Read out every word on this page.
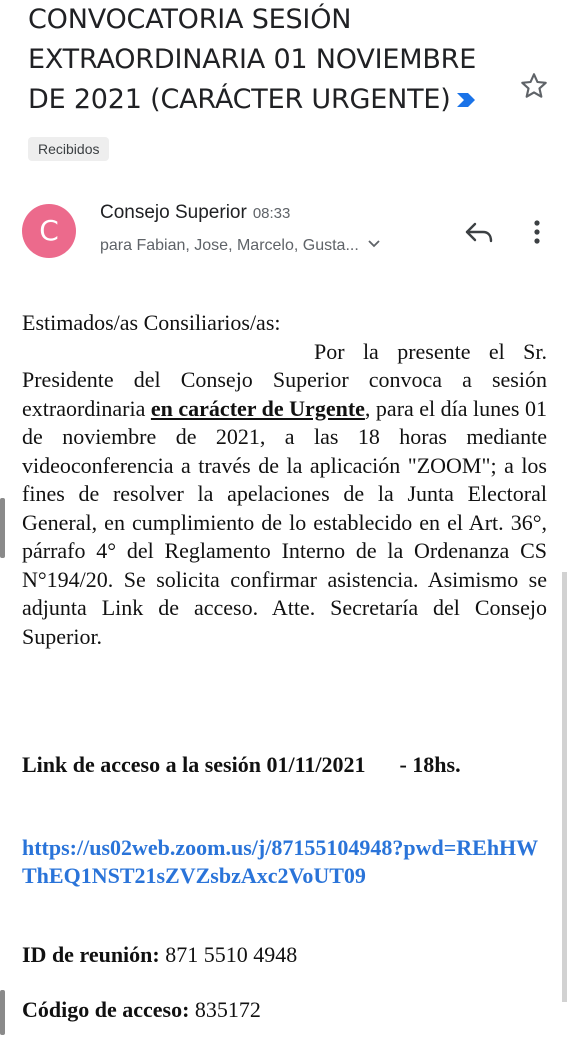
CONVOCATORIA SESIÓN EXTRAORDINARIA 01 NOVIEMBRE DE 2021 (CARÁCTER URGENTE)
Recibidos
C
Consejo Superior 08:33
para Fabian, Jose, Marcelo, Gusta...

Estimados/as Consiliarios/as:

Por la presente el Sr. Presidente del Consejo Superior convoca a sesión extraordinaria en carácter de Urgente, para el día lunes 01 de noviembre de 2021, a las 18 horas mediante videoconferencia a través de la aplicación "ZOOM"; a los fines de resolver la apelaciones de la Junta Electoral General, en cumplimiento de lo establecido en el Art. 36°, párrafo 4° del Reglamento Interno de la Ordenanza CS N°194/20. Se solicita confirmar asistencia. Asimismo se adjunta Link de acceso. Atte. Secretaría del Consejo Superior.

Link de acceso a la sesión 01/11/2021 - 18hs.
https://us02web.zoom.us/j/87155104948?pwd=REhHWThEQ1NST21sZVZsbzAxc2VoUT09
ID de reunión: 871 5510 4948
Código de acceso: 835172
